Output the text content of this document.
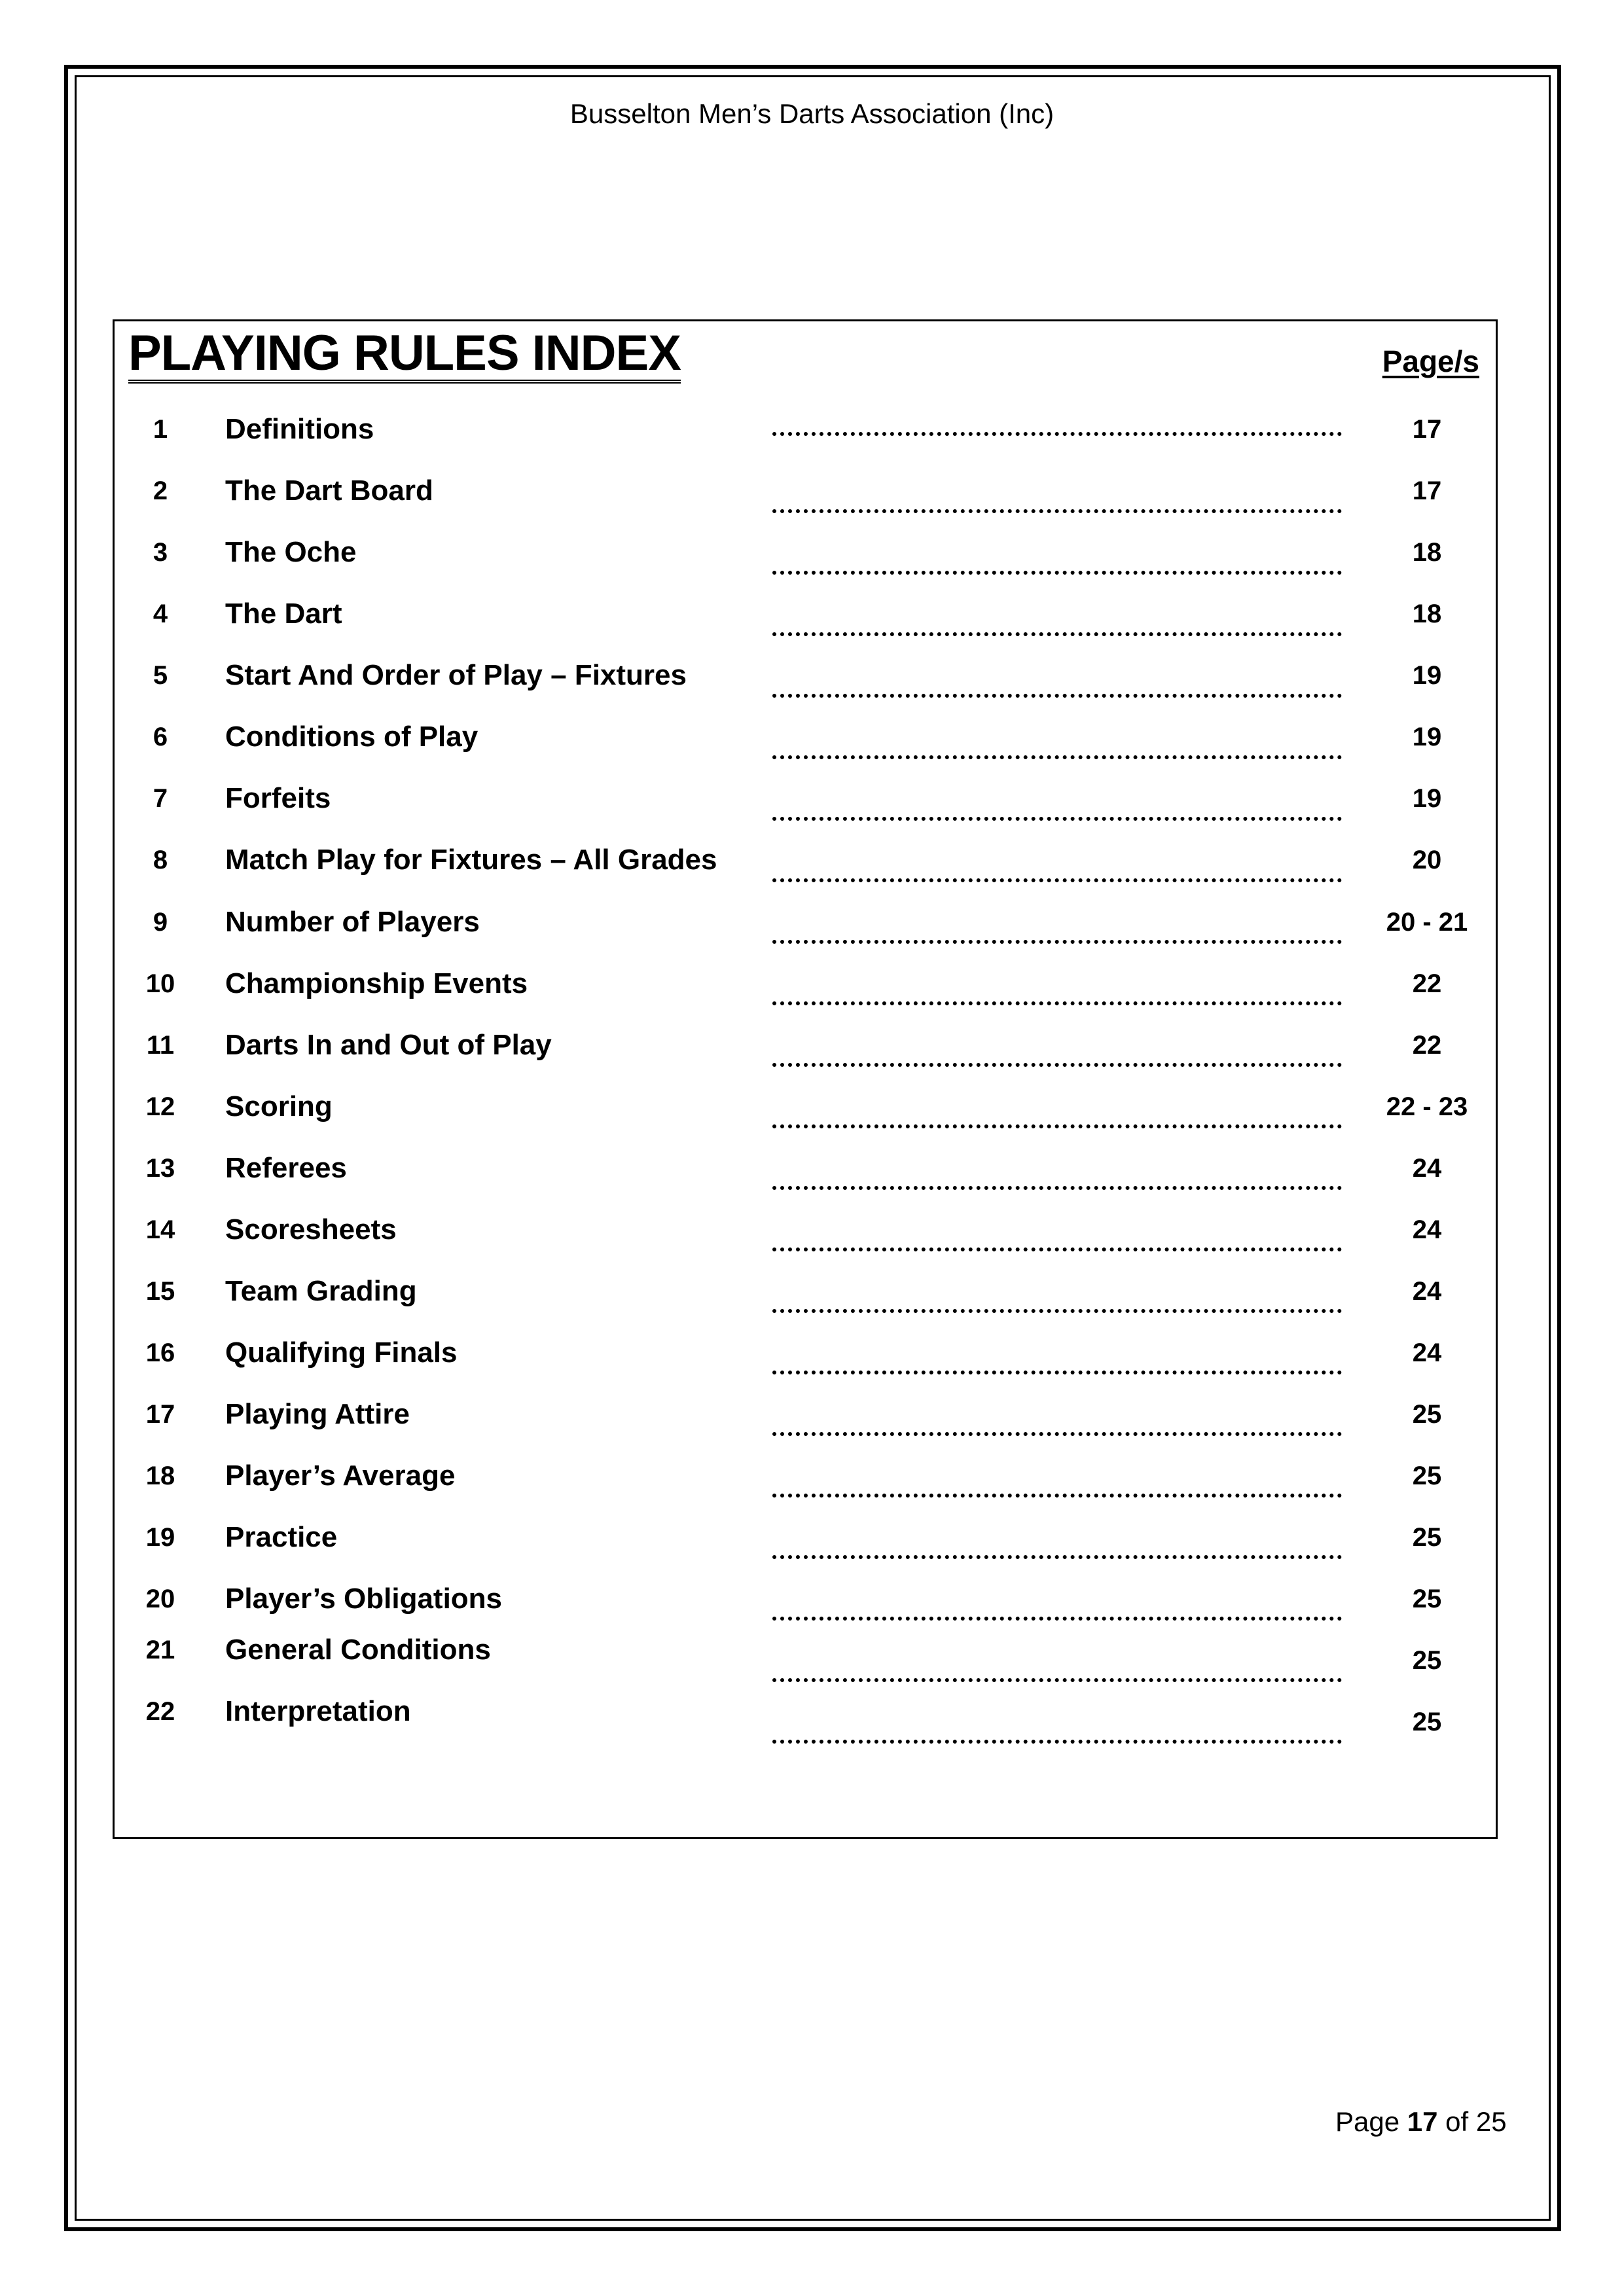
Busselton Men’s Darts Association (Inc)
PLAYING RULES INDEX	Page/s
1	Definitions	17
2	The Dart Board	17
3	The Oche	18
4	The Dart	18
5	Start And Order of Play – Fixtures	19
6	Conditions of Play	19
7	Forfeits	19
8	Match Play for Fixtures – All Grades	20
9	Number of Players	20 - 21
10	Championship Events	22
11	Darts In and Out of Play	22
12	Scoring	22 - 23
13	Referees	24
14	Scoresheets	24
15	Team Grading	24
16	Qualifying Finals	24
17	Playing Attire	25
18	Player’s Average	25
19	Practice	25
20	Player’s Obligations	25
21	General Conditions	25
22	Interpretation	25
Page 17 of 25
